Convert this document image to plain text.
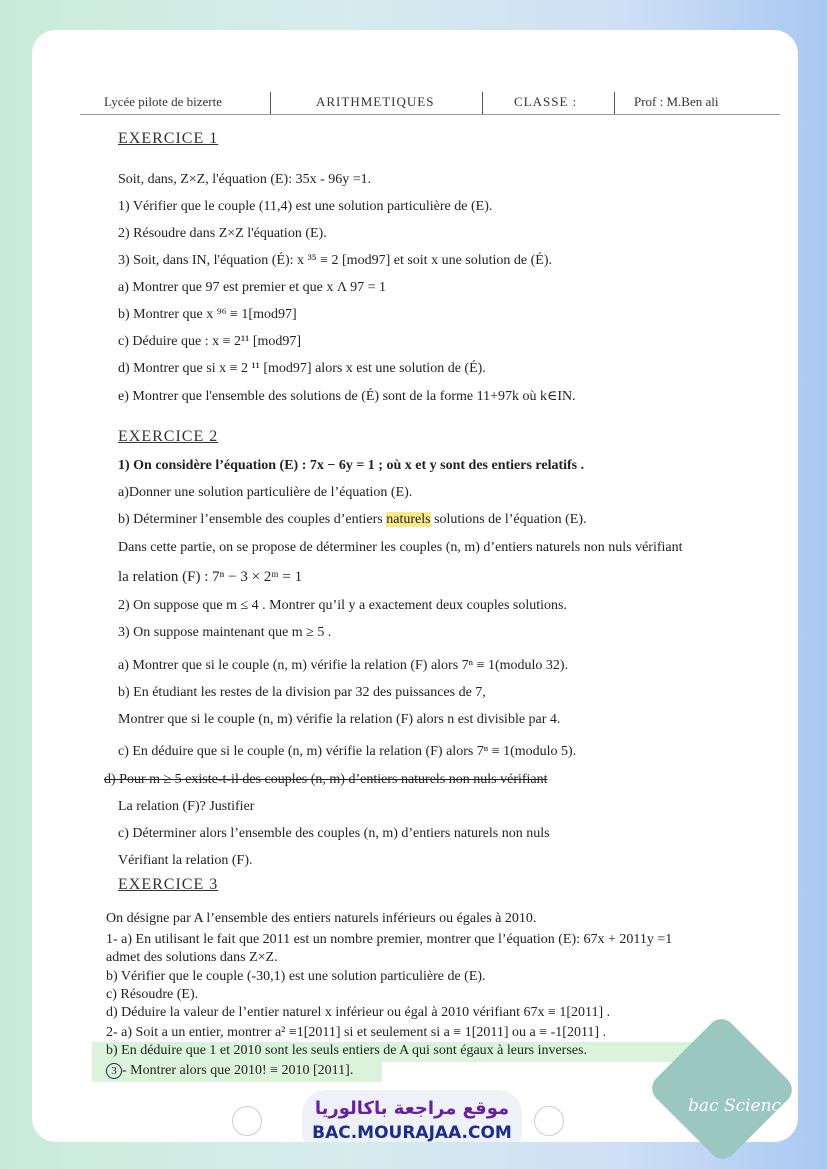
Lycée pilote de bizerte	ARITHMETIQUES	CLASSE :	Prof : M.Ben ali
EXERCICE 1
Soit, dans, Z×Z, l'équation (E): 35x - 96y =1.
1) Vérifier que le couple (11,4) est une solution particulière de (E).
2) Résoudre dans Z×Z l'équation (E).
3) Soit, dans IN, l'équation (É): x ³⁵ ≡ 2 [mod97] et soit x une solution de (É).
a) Montrer que 97 est premier et que x Λ 97 = 1
b) Montrer que x ⁹⁶ ≡ 1[mod97]
c) Déduire que : x ≡ 2¹¹ [mod97]
d) Montrer que si x ≡ 2 ¹¹ [mod97] alors x est une solution de (É).
e) Montrer que l'ensemble des solutions de (É) sont de la forme 11+97k où k∈IN.
EXERCICE 2
1) On considère l’équation (E) : 7x − 6y = 1 ; où x et y sont des entiers relatifs .
a)Donner une solution particulière de l’équation (E).
b) Déterminer l’ensemble des couples d’entiers naturels solutions de l’équation (E).
Dans cette partie, on se propose de déterminer les couples (n, m) d’entiers naturels non nuls vérifiant
la relation (F) : 7ⁿ − 3 × 2ᵐ = 1
2) On suppose que m ≤ 4 . Montrer qu’il y a exactement deux couples solutions.
3) On suppose maintenant que m ≥ 5 .
a) Montrer que si le couple (n, m) vérifie la relation (F) alors 7ⁿ ≡ 1(modulo 32).
b) En étudiant les restes de la division par 32 des puissances de 7,
Montrer que si le couple (n, m) vérifie la relation (F) alors n est divisible par 4.
c) En déduire que si le couple (n, m) vérifie la relation (F) alors 7ⁿ ≡ 1(modulo 5).
d) Pour m ≥ 5 existe-t-il des couples (n, m) d’entiers naturels non nuls vérifiant
La relation (F)? Justifier
c) Déterminer alors l’ensemble des couples (n, m) d’entiers naturels non nuls
Vérifiant la relation (F).
EXERCICE 3
On désigne par A l’ensemble des entiers naturels inférieurs ou égales à 2010.
1- a) En utilisant le fait que 2011 est un nombre premier, montrer que l’équation (E): 67x + 2011y =1
admet des solutions dans Z×Z.
b) Vérifier que le couple (-30,1) est une solution particulière de (E).
c) Résoudre (E).
d) Déduire la valeur de l’entier naturel x inférieur ou égal à 2010 vérifiant 67x ≡ 1[2011] .
2- a) Soit a un entier, montrer a² ≡1[2011] si et seulement si a ≡ 1[2011] ou a ≡ -1[2011] .
b) En déduire que 1 et 2010 sont les seuls entiers de A qui sont égaux à leurs inverses.
3 - Montrer alors que 2010! ≡ 2010 [2011].
موقع مراجعة باكالوريا
BAC.MOURAJAA.COM
bac Science
